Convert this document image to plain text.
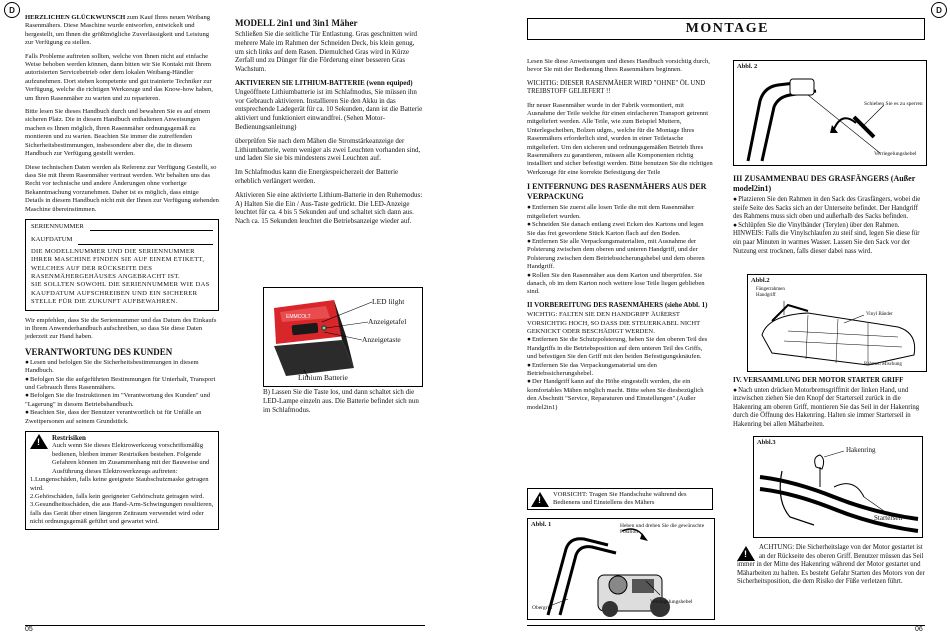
D

HERZLICHEN GLÜCKWUNSCH zum Kauf Ihres neuen Weibang Rasenmähers. Diese Maschine wurde entworfen, entwickelt und hergestellt, um Ihnen die größtmögliche Zuverlässigkeit und Leistung zur Verfügung zu stellen.

Falls Probleme auftreten sollten, welche von Ihnen nicht auf einfache Weise behoben werden können, dann bitten wir Sie Kontakt mit Ihrem autorisierten Servicebetrieb oder dem lokalen Weibang-Händler aufzunehmen. Dort stehen kompetente und gut trainierte Techniker zur Verfügung, welche die richtigen Werkzeuge und das Know-how haben, um Ihren Rasenmäher zu warten und zu reparieren.

Bitte lesen Sie dieses Handbuch durch und bewahren Sie es auf einem sicheren Platz. Die in diesem Handbuch enthaltenen Anweisungen machen es Ihnen möglich, Ihren Rasenmäher ordnungsgemäß zu montieren und zu warten. Beachten Sie immer die zutreffenden Sicherheitsbestimmungen, insbesondere aber die, die in diesem Handbuch zur Verfügung gestellt werden.

Diese technischen Daten werden als Referenz zur Verfügung Gestellt, so dass Sie mit Ihrem Rasenmäher vertraut werden. Wir behalten uns das Recht vor technische und andere Änderungen ohne vorherige Bekanntmachung vorzunehmen. Daher ist es möglich, dass einige Details in diesem Handbuch nicht mit der Ihnen zur Verfügung stehenden Maschine übereinstimmen.

SERIENNUMMER
KAUFDATUM
DIE MODELLNUMMER UND DIE SERIENNUMMER IHRER MASCHINE FINDEN SIE AUF EINEM ETIKETT, WELCHES AUF DER RÜCKSEITE DES RASENMÄHERGEHÄUSES ANGEBRACHT IST.
SIE SOLLTEN SOWOHL DIE SERIENNUMMER WIE DAS KAUFDATUM AUFSCHREIBEN UND EIN SICHERER STELLE FÜR DIE ZUKUNFT AUFBEWAHREN.

Wir empfehlen, dass Sie die Seriennummer und das Datum des Einkaufs in Ihrem Anwenderhandbuch aufschreiben, so dass Sie diese Daten jederzeit zur Hand haben.

VERANTWORTUNG DES KUNDEN
● Lesen und befolgen Sie die Sicherheitsbestimmungen in diesem Handbuch.
● Befolgen Sie die aufgeführten Bestimmungen für Unterhalt, Transport und Gebrauch Ihres Rasenmähers.
● Befolgen Sie die Instruktionen im "Verantwortung des Kunden" und "Lagerung" in diesem Betriebshandbuch.
● Beachten Sie, dass der Benutzer verantwortlich ist für Unfälle an Zweitpersonen auf seinem Grundstück.
! Restrisiken
Auch wenn Sie dieses Elektrowerkzeug vorschriftsmäßig bedienen, bleiben immer Restrisiken bestehen. Folgende Gefahren können im Zusammenhang mit der Bauweise und Ausführung dieses Elektrowerkzeugs auftreten:
1.Lungenschäden, falls keine geeignete Staubschutzmaske getragen wird.
2.Gehörschäden, falls kein geeigneter Gehörschutz getragen wird.
3.Gesundheitsschäden, die aus Hand-Arm-Schwingungen resultieren, falls das Gerät über einen längeren Zeitraum verwendet wird oder nicht ordnungsgemäß geführt und gewartet wird.
MODELL 2in1 und 3in1 Mäher

Schließen Sie die seitliche Tür Entlastung. Gras geschnitten wird mehrere Male im Rahmen der Schneiden Deck, bis klein genug, um sich links auf dem Rasen. Diemulched Gras wird in Kürze Zerfall und zu Dünger für die Förderung einer besseren Gras Wachstum.

AKTIVIEREN SIE LITHIUM-BATTERIE (wenn equiped)

Ungeöffnete Lithiumbatterie ist im Schlafmodus, Sie müssen ihn vor Gebrauch aktivieren. Installieren Sie den Akku in das entsprechende Ladegerät für ca. 10 Sekunden, dann ist die Batterie aktiviert und funktioniert einwandfrei. (Sehen Motor-Bedienungsanleitung)

überprüfen Sie nach dem Mähen die Stromstärkeanzeige der Lithiumbatterie, wenn weniger als zwei Leuchten vorhanden sind, und laden Sie sie bis mindestens zwei Leuchten auf.

Im Schlafmodus kann die Energiespeicherzeit der Batterie erheblich verlängert werden.

Aktivieren Sie eine aktivierte Lithium-Batterie in den Ruhemodus:

A) Halten Sie die Ein / Aus-Taste gedrückt. Die LED-Anzeige leuchtet für ca. 4 bis 5 Sekunden auf und schaltet sich dann aus. Nach ca. 15 Sekunden leuchtet die Betriebsanzeige wieder auf.

EMMCOLT
LED lilght
Anzeigetafel
Anzeigetaste
Lithium Batterie
B) Lassen Sie die Taste los, und dann schaltet sich die LED-Lampe einzeln aus. Die Batterie befindet sich nun im Schlafmodus.
05
D
MONTAGE

Lesen Sie diese Anweisungen und dieses Handbuch vorsichtig durch, bevor Sie mit der Bedienung Ihres Rasenmähers beginnen.

WICHTIG: DIESER RASENMÄHER WIRD "OHNE" ÖL UND TREIBSTOFF GELIEFERT !!

Ihr neuer Rasenmäher wurde in der Fabrik vormontiert, mit Ausnahme der Teile welche für einen einfacheren Transport getrennt mitgeliefert werden. Alle Teile, wie zum Beispiel Muttern, Unterlegscheiben, Bolzen udgm., welche für die Montage Ihres Rasenmähers erforderlich sind, wurden in einer Teiletasche mitgeliefert. Um den sicheren und ordnungsgemäßen Betrieb Ihres Rasenmähers zu garantieren, müssen alle Komponenten richtig installiert und sicher befestigt werden. Bitte benutzen Sie die richtigen Werkzeuge für eine korrekte Befestigung der Teile

I ENTFERNUNG DES RASENMÄHERS AUS DER VERPACKUNG
● Entfernen Sie zuerst alle losen Teile die mit dem Rasenmäher mitgeliefert wurden.
● Schneiden Sie danach entlang zwei Ecken des Kartons und legen Sie das frei gewordene Stück Karton flach auf den Boden.
● Entfernen Sie alle Verpackungsmaterialien, mit Ausnahme der Polsterung zwischen dem oberen und unteren Handgriff, und der Polsterung zwischen dem Betriebssicherungshebel und dem oberen Handgriff.
● Rollen Sie den Rasenmäher aus dem Karton und überprüfen. Sie danach, ob im dem Karton noch weitere lose Teile liegen geblieben sind.
II VORBEREITUNG DES RASENMÄHERS (siehe Abbl. 1)
WICHTIG: FALTEN SIE DEN HANDGRIFF ÄUßERST VORSICHTIG HOCH, SO DASS DIE STEUERKABEL NICHT GEKNICKT ODER BESCHÄDIGT WERDEN.
● Entfernen Sie die Schutzpolsterung, heben Sie den oberen Teil des Handgriffs in die Betriebsposition auf dem unteren Teil des Griffs, und befestigen Sie den Griff mit den beiden Befestigungsknäufen.
● Entfernen Sie das Verpackungsmaterial um den Betriebssicherungshebel.
● Der Handgriff kann auf die Höhe eingestellt werden, die ein komfortables Mähen möglich macht. Bitte sehen Sie diesbezüglich den Abschnitt "Service, Reparaturen und Einstellungen".(Außer model2in1)
! VORSICHT: Tragen Sie Handschuhe während des Bedienens und Einstellens des Mähers
Abbl. 1	Heben und drehen Sie die gewünschte Position
Obergriff
Verriegelungshebel
Abbl. 2
Schieben Sie es zu sperren
Verriegelungshebel
III ZUSAMMENBAU DES GRASFÄNGERS (Außer model2in1)
● Platzieren Sie den Rahmen in den Sack des Grasfängers, wobei die steife Seite des Sacks sich an der Unterseite befindet. Der Handgriff des Rahmens muss sich oben und außerhalb des Sacks befinden.
● Schlüpfen Sie die Vinylbänder (Terylen) über den Rahmen.
HINWEIS: Falls die Vinylschlaufen zu steif sind, legen Sie diese für ein paar Minuten in warmes Wasser. Lassen Sie den Sack vor der Nutzung erst trocknen, falls dieser dabei nass wird.
Abbl.2
Fängerrahmen Handgriff
Vinyl Bänder
Rahmen Mischung
IV. VERSAMMLUNG DER MOTOR STARTER GRIFF
● Nach unten drücken Motorbremsgriffmit der linken Hand, und inzwischen ziehen Sie den Knopf der Starterseil zurück in die Hakenring am oberen Griff, montieren Sie das Seil in der Hakenring durch die Öffnung des Hakenring. Halten sie immer Starterseil in Hakenring bei allen Mäharbeiten.
Abbl.3
Hakenring
Starterseil
!
ACHTUNG: Die Sicherheitslage von der Motor gestartet ist an der Rückseite des oberen Griff. Benutzer müssen das Seil immer in der Mitte des Hakenring während der Motor gestartet und Mäharbeiten zu halten. Es besteht Gefahr Starten des Motors von der Sicherheitsposition, die dem Risiko der Füße verletzen führt.
06
